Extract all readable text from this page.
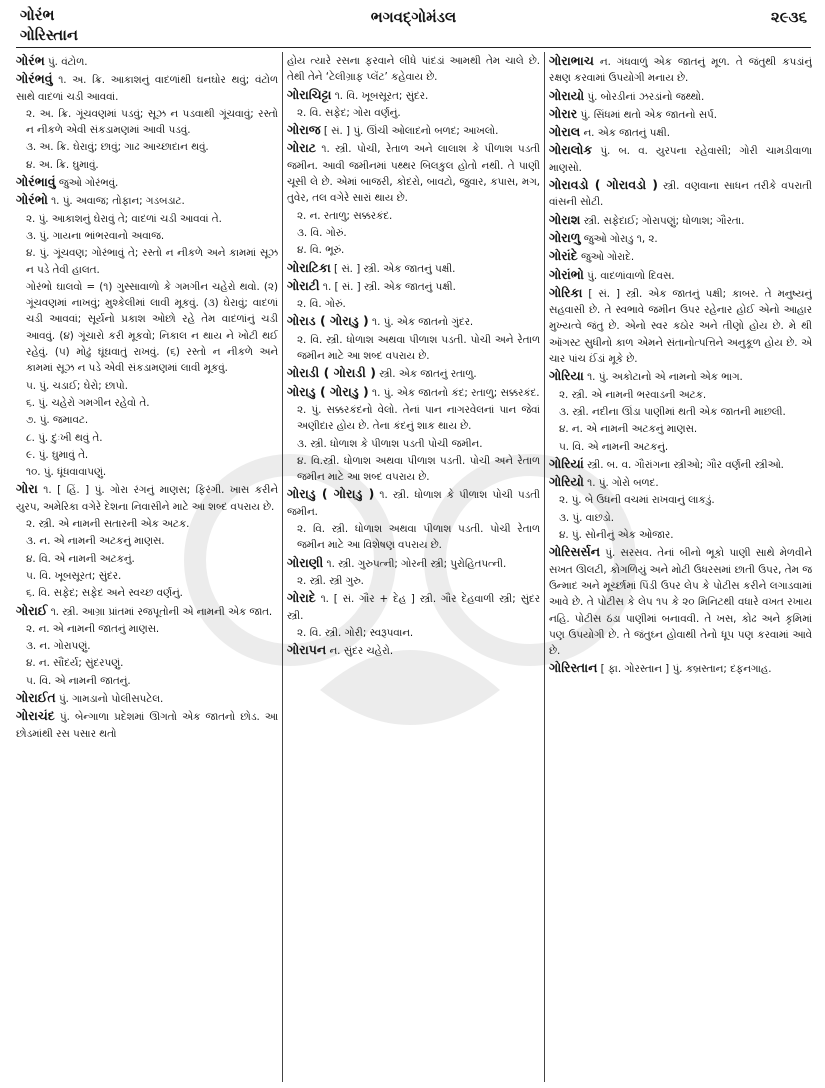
ગોરંભ
ગોરિસ્તાન
ભગવદ્ગોમંડલ	૨૯૩૬
ગોરંભ પું. વંટોળ.
ગોરંભવું ૧. અ. ક્રિ. આકાશનું વાદળાંથી ઘનઘોર થવું; વંટોળ સાથે વાદળાં ચડી આવવાં.
૨. અ. ક્રિ. ગૂંચવણમાં પડવું; સૂઝ ન પડવાથી ગૂંચવાવું; રસ્તો ન નીકળે એવી સંકડામણમાં આવી પડવું.
૩. અ. ક્રિ. ઘેરાવું; છાવું; ગાઢ આચ્છાદાન થવું.
૪. અ. ક્રિ. ઘુમાવું.
ગોરંભાવું જુઓ ગોરંભવું.
ગોરંભો ૧. પું. અવાજ; તોફાન; ગડબડાટ.
૨. પું. આકાશનું ઘેરાવું તે; વાદળાં ચડી આવવાં તે.
૩. પું. ગાયના ભાંભરવાનો અવાજ.
૪. પું. ગૂંચવણ; ગોરંભાવું તે; રસ્તો ન નીકળે અને કામમાં સૂઝ ન પડે તેવી હાલત.
ગોરંભો ઘાલવો = (૧) ગુસ્સાવાળો કે ગમગીન ચહેરો થવો. (૨) ગૂંચવણમાં નાખવું; મુશ્કેલીમાં લાવી મૂકવું. (૩) ઘેરાવું; વાદળાં ચડી આવવાં; સૂર્યનો પ્રકાશ ઓછો રહે તેમ વાદળાંનું ચડી આવવું. (૪) ગૂંચારો કરી મૂકવો; નિકાલ ન થાય ને ખોટી થઈ રહેવું. (૫) મોઢું ઘૂંઘવાતું રાખવું. (૬) રસ્તો ન નીકળે અને કામમાં સૂઝ ન પડે એવી સંકડામણમાં લાવી મૂકવું.
૫. પું. ચડાઈ; ઘેરો; છાપો.
૬. પું. ચહેરો ગમગીન રહેવો તે.
૭. પું. જમાવટ.
૮. પું. દુઃખી થવું તે.
૯. પું. ઘુમાવું તે.
૧૦. પું. ધૂંધવાવાપણું.
ગોરા ૧. [ હિં. ] પું. ગોરા રંગનું માણસ; ફિરંગી. ખાસ કરીને યુરપ, અમેરિકા વગેરે દેશના નિવાસીને માટે આ શબ્દ વપરાય છે.
૨. સ્ત્રી. એ નામની સતારની એક અટક.
૩. ન. એ નામની અટકનું માણસ.
૪. વિ. એ નામની અટકનું.
૫. વિ. ખૂબસૂરત; સુંદર.
૬. વિ. સફેદ; સફેદ અને સ્વચ્છ વર્ણનું.
ગોરાઈ ૧. સ્ત્રી. આગ્રા પ્રાંતમાં રજપૂતોની એ નામની એક જાત.
૨. ન. એ નામની જાતનું માણસ.
૩. ન. ગોરાપણું.
૪. ન. સૌંદર્ય; સુંદરપણું.
૫. વિ. એ નામની જાતનું.
ગોરાઈત પું. ગામડાનો પોલીસપટેલ.
ગોરાચંદ પું. બેન્ગાળા પ્રદેશમાં ઊગતો એક જાતનો છોડ. આ છોડમાંથી રસ પસાર થતો
હોય ત્યારે રસના ફરવાને લીધે પાંદડાં આમથી તેમ ચાલે છે. તેથી તેને ‘ટેલીગ્રાફ પ્લૅંટ’ કહેવાય છે.
ગોરાચિટ્ટા ૧. વિ. ખૂબસૂરત; સુંદર.
૨. વિ. સફેદ; ગોરા વર્ણનું.
ગોરાજ [ સં. ] પું. ઊંચી ઓલાદનો બળદ; આખલો.
ગોરાટ ૧. સ્ત્રી. પોચી, રેતાળ અને લાલાશ કે પીળાશ પડતી જમીન. આવી જમીનમાં પથ્થર બિલકુલ હોતો નથી. તે પાણી ચૂસી લે છે. એમાં બાજરી, કોદરો, બાવટો, જુવાર, કપાસ, મગ, તુવેર, તલ વગેરે સારાં થાય છે.
૨. ન. રતાળુ; સક્કરકંદ.
૩. વિ. ગોરું.
૪. વિ. ભૂરું.
ગોરાટિકા [ સં. ] સ્ત્રી. એક જાતનું પક્ષી.
ગોરાટી ૧. [ સં. ] સ્ત્રી. એક જાતનું પક્ષી.
૨. વિ. ગોરું.
ગોરાડ ( ગોરાડુ ) ૧. પું. એક જાતનો ગુંદર.
૨. વિ. સ્ત્રી. ધોળાશ અથવા પીળાશ પડતી. પોચી અને રેતાળ જમીન માટે આ શબ્દ વપરાય છે.
ગોરાડી ( ગોરાડી ) સ્ત્રી. એક જાતનું રતાળુ.
ગોરાડુ ( ગોરાડુ ) ૧. પું. એક જાતનો કંદ; રતાળુ; સક્કરકંદ.
૨. પું. સક્કરકંદનો વેલો. તેનાં પાન નાગરવેલનાં પાન જેવાં અણીદાર હોય છે. તેના કંદનું શાક થાય છે.
૩. સ્ત્રી. ધોળાશ કે પીળાશ પડતી પોચી જમીન.
૪. વિ.સ્ત્રી. ધોળાશ અથવા પીળાશ પડતી. પોચી અને રેતાળ જમીન માટે આ શબ્દ વપરાય છે.
ગોરાડુ ( ગોરાડુ ) ૧. સ્ત્રી. ધોળાશ કે પીળાશ પોચી પડતી જમીન.
૨. વિ. સ્ત્રી. ધોળાશ અથવા પીળાશ પડતી. પોચી રેતાળ જમીન માટે આ વિશેષણ વપરાય છે.
ગોરાણી ૧. સ્ત્રી. ગુરુપત્ની; ગોરની સ્ત્રી; પુરોહિતપત્ની.
૨. સ્ત્રી. સ્ત્રી ગુરુ.
ગોરાદે ૧. [ સં. ગૌર + દેહ ] સ્ત્રી. ગૌર દેહવાળી સ્ત્રી; સુંદર સ્ત્રી.
૨. વિ. સ્ત્રી. ગોરી; સ્વરૂપવાન.
ગોરાપન ન. સુંદર ચહેરો.
ગોરાભાચ ન. ગંધવાળું એક જાતનું મૂળ. તે જંતુથી કપડાંનું રક્ષણ કરવામાં ઉપયોગી મનાય છે.
ગોરાયો પું. બોરડીનાં ઝરડાંનો જથ્થો.
ગોરાર પું. સિંધમાં થતો એક જાતનો સર્પ.
ગોરાલ ન. એક જાતનું પક્ષી.
ગોરાલોક પું. બ. વ. યુરપના રહેવાસી; ગોરી ચામડીવાળા માણસો.
ગોરાવડો ( ગોરાવડો ) સ્ત્રી. વણવાના સાધન તરીકે વપરાતી વાંસની સોટી.
ગોરાશ સ્ત્રી. સફેદાઈ; ગોરાપણું; ધોળાશ; ગૌરતા.
ગોરાળુ જુઓ ગોરાડુ ૧, ૨.
ગોરાંદે જુઓ ગોરાદે.
ગોરાંભો પું. વાદળાંવાળો દિવસ.
ગોરિકા [ સં. ] સ્ત્રી. એક જાતનું પક્ષી; કાબર. તે મનુષ્યનું સહવાસી છે. તે સ્વભાવે જમીન ઉપર રહેનાર હોઈ એનો આહાર મુખ્યત્વે જંતુ છે. એનો સ્વર કઠોર અને તીણો હોય છે. મે થી ઑગસ્ટ સુધીનો કાળ એમને સંતાનોત્પત્તિને અનુકૂળ હોય છે. એ ચાર પાંચ ઈંડાં મૂકે છે.
ગોરિયા ૧. પું. અકોટાનો એ નામનો એક ભાગ.
૨. સ્ત્રી. એ નામની ભરવાડની અટક.
૩. સ્ત્રી. નદીના ઊંડા પાણીમાં થતી એક જાતની માછલી.
૪. ન. એ નામની અટકનું માણસ.
૫. વિ. એ નામની અટકનું.
ગોરિયાં સ્ત્રી. બ. વ. ગૌરાંગના સ્ત્રીઓ; ગૌર વર્ણની સ્ત્રીઓ.
ગોરિયો ૧. પું. ગોરો બળદ.
૨. પું. બે ઉધની વચમાં રાખવાનું લાકડું.
૩. પું. વાછડો.
૪. પું. સોનીનું એક ઓજાર.
ગોરિસર્સન પું. સરસવ. તેનાં બીનો ભૂકો પાણી સાથે મેળવીને સખત ઊલટી, કોગળિયું અને મોટી ઉધરસમાં છાતી ઉપર, તેમ જ ઉન્માદ અને મૂર્ચ્છામાં પિંડી ઉપર લેપ કે પોટીસ કરીને લગાડવામાં આવે છે. તે પોટીસ કે લેપ ૧૫ કે ૨૦ મિનિટથી વધારે વખત રખાય નહિ. પોટીસ ઠંડા પાણીમાં બનાવવી. તે ખસ, કોઢ અને કૃમિમાં પણ ઉપયોગી છે. તે જંતુઘ્ન હોવાથી તેનો ધૂપ પણ કરવામાં આવે છે.
ગોરિસ્તાન [ ફા. ગોરસ્તાન ] પું. કબ્રસ્તાન; દફનગાહ.
